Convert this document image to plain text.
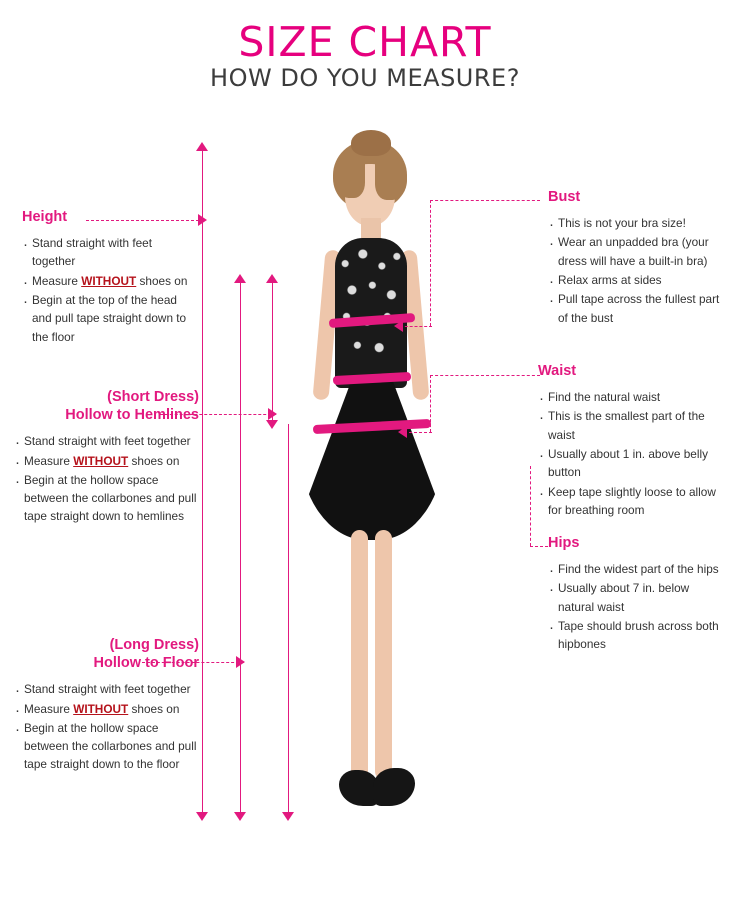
SIZE CHART
HOW DO YOU MEASURE?
Height
· Stand straight with feet together
· Measure WITHOUT shoes on
· Begin at the top of the head and pull tape straight down to the floor
(Short Dress)
Hollow to Hemlines
· Stand straight with feet together
· Measure WITHOUT shoes on
· Begin at the hollow space between the collarbones and pull tape straight down to hemlines
(Long Dress)
Hollow to Floor
· Stand straight with feet together
· Measure WITHOUT shoes on
· Begin at the hollow space between the collarbones and pull tape straight down to the floor
Bust
· This is not your bra size!
· Wear an unpadded bra (your dress will have a built-in bra)
· Relax arms at sides
· Pull tape across the fullest part of the bust
Waist
· Find the natural waist
· This is the smallest part of the waist
· Usually about 1 in. above belly button
· Keep tape slightly loose to allow for breathing room
Hips
· Find the widest part of the hips
· Usually about 7 in. below natural waist
· Tape should brush across both hipbones
